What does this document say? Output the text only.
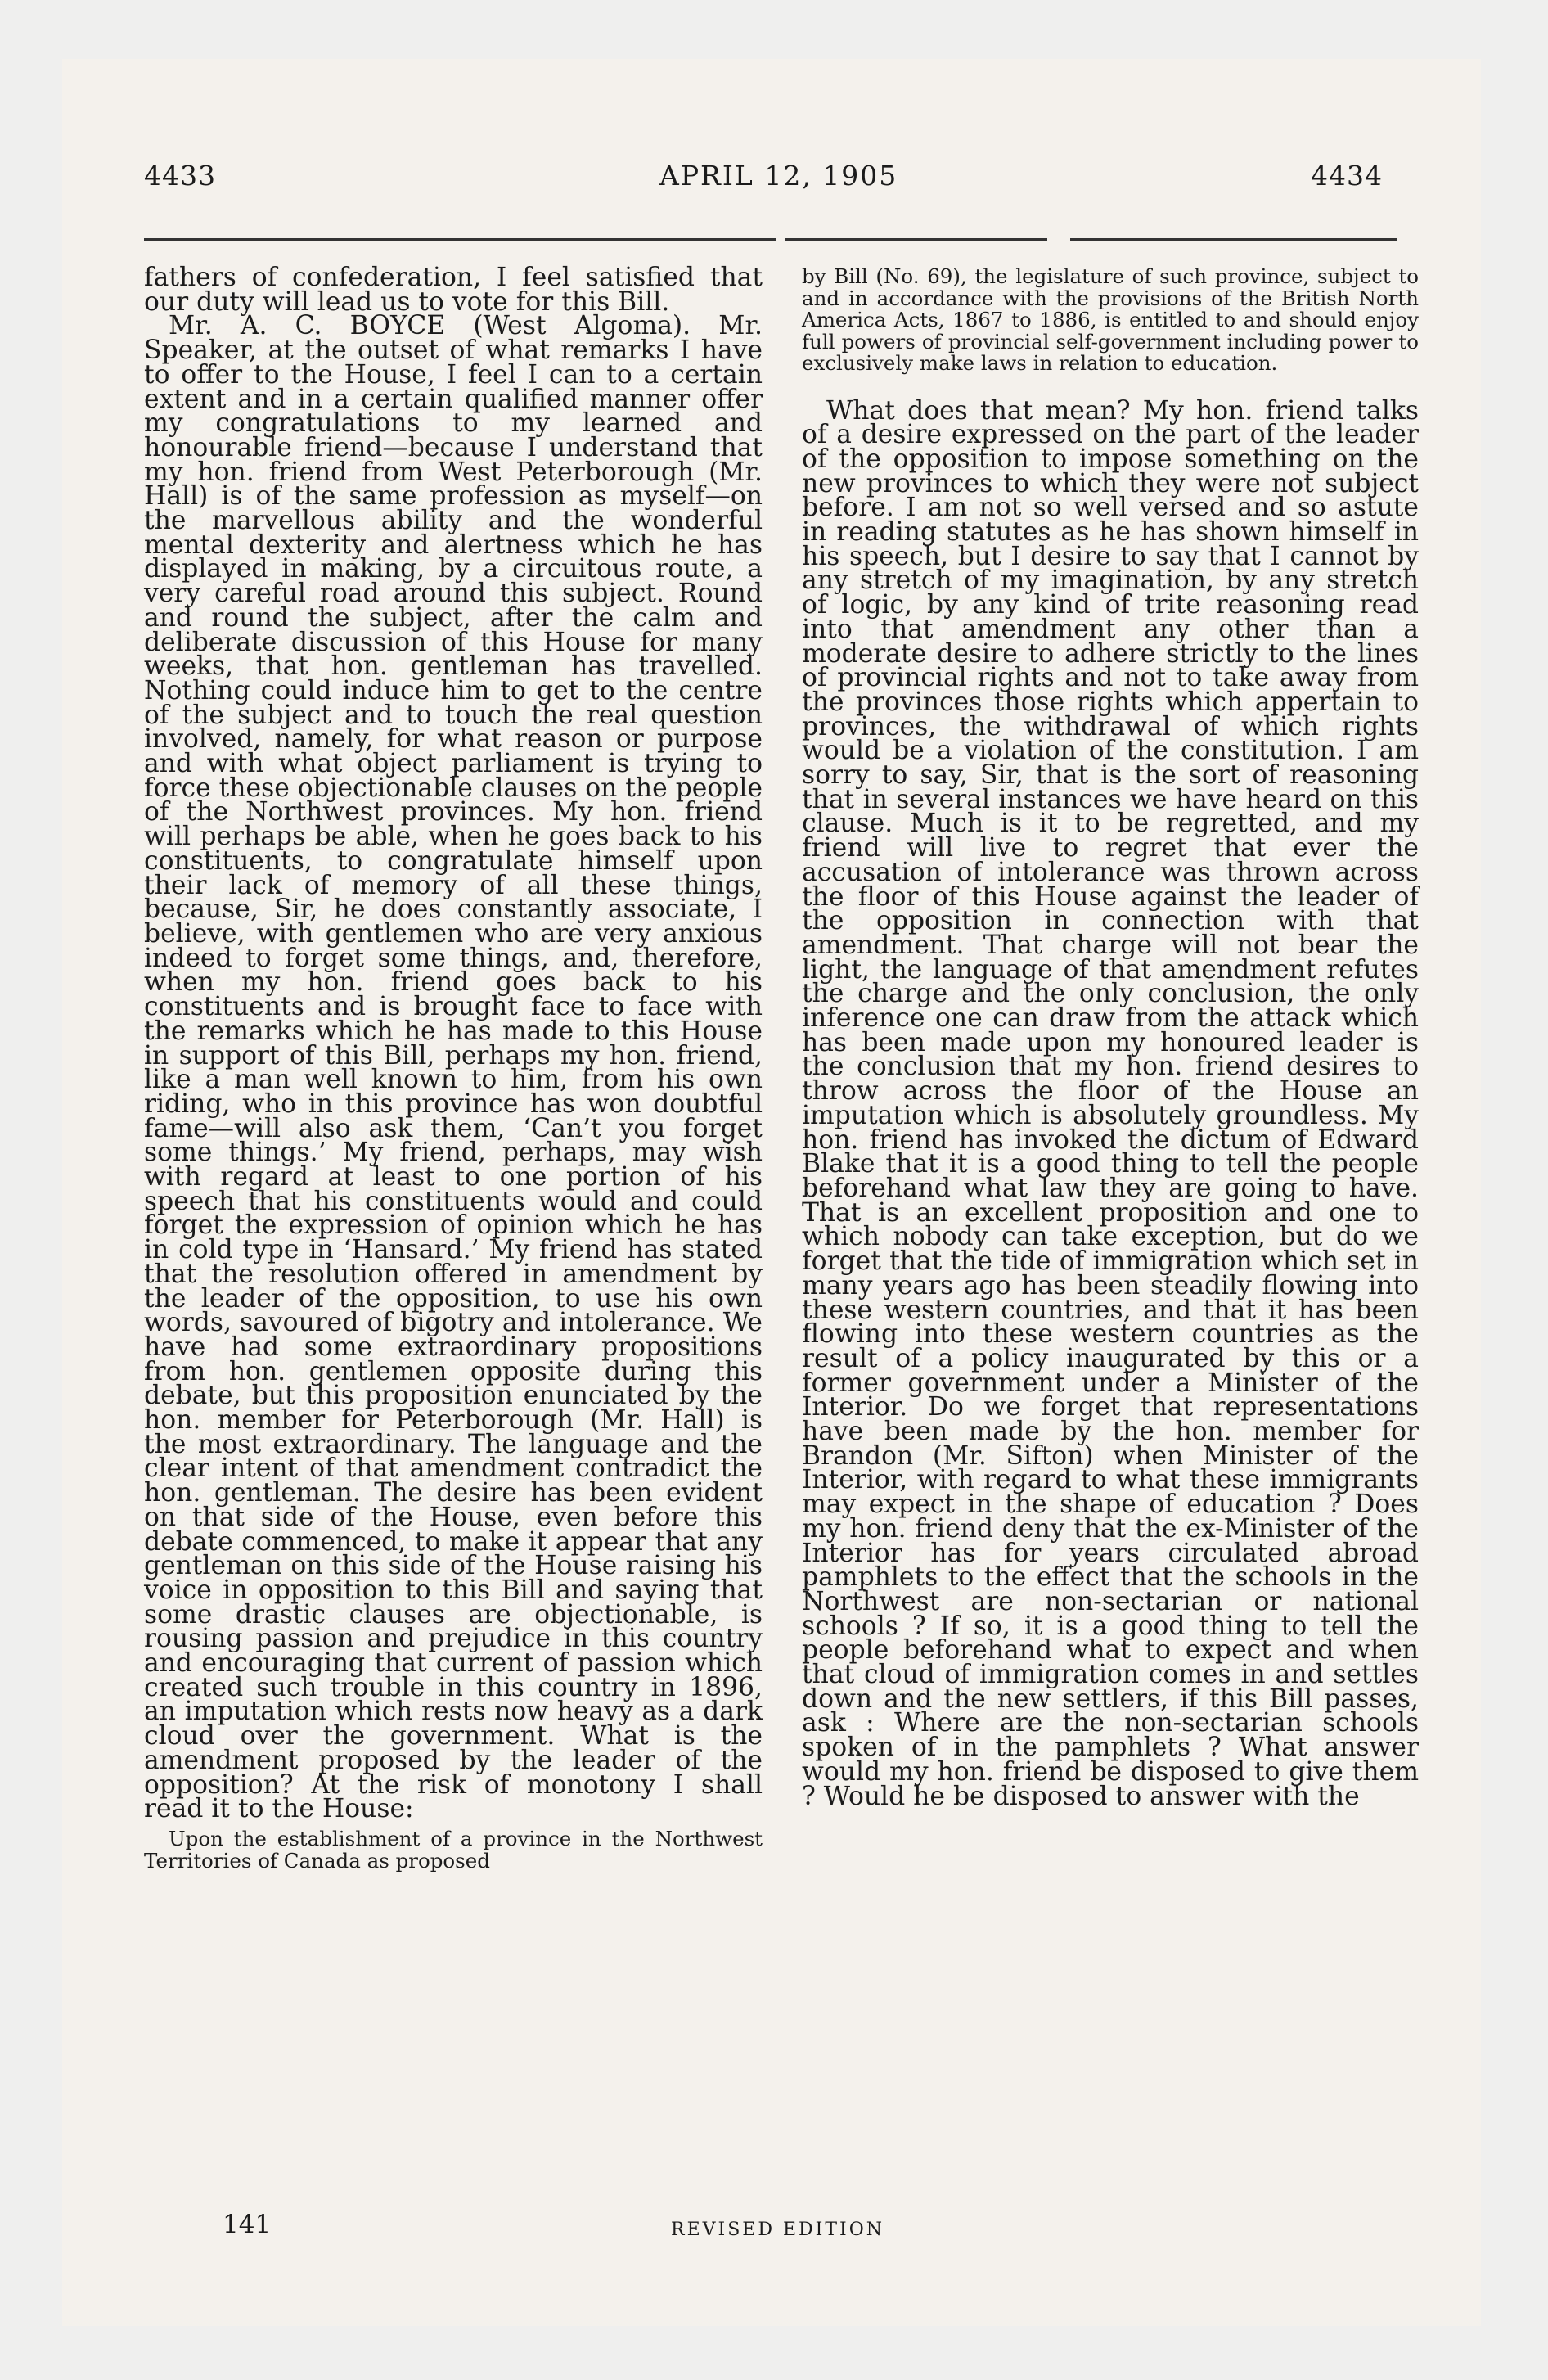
4433	APRIL 12, 1905	4434

fathers of confederation, I feel satisfied that our duty will lead us to vote for this Bill.

Mr. A. C. BOYCE (West Algoma). Mr. Speaker, at the outset of what remarks I have to offer to the House, I feel I can to a certain extent and in a certain qualified manner offer my congratulations to my learned and honourable friend—because I understand that my hon. friend from West Peterborough (Mr. Hall) is of the same profession as myself—on the marvellous ability and the wonderful mental dexterity and alertness which he has displayed in making, by a circuitous route, a very careful road around this subject. Round and round the subject, after the calm and deliberate discussion of this House for many weeks, that hon. gentleman has travelled. Nothing could induce him to get to the centre of the subject and to touch the real question involved, namely, for what reason or purpose and with what object parliament is trying to force these objectionable clauses on the people of the Northwest provinces. My hon. friend will perhaps be able, when he goes back to his constituents, to congratulate himself upon their lack of memory of all these things, because, Sir, he does constantly associate, I believe, with gentlemen who are very anxious indeed to forget some things, and, therefore, when my hon. friend goes back to his constituents and is brought face to face with the remarks which he has made to this House in support of this Bill, perhaps my hon. friend, like a man well known to him, from his own riding, who in this province has won doubtful fame—will also ask them, ‘Can’t you forget some things.’ My friend, perhaps, may wish with regard at least to one portion of his speech that his constituents would and could forget the expression of opinion which he has in cold type in ‘Hansard.’ My friend has stated that the resolution offered in amendment by the leader of the opposition, to use his own words, savoured of bigotry and intolerance. We have had some extraordinary propositions from hon. gentlemen opposite during this debate, but this proposition enunciated by the hon. member for Peterborough (Mr. Hall) is the most extraordinary. The language and the clear intent of that amendment contradict the hon. gentleman. The desire has been evident on that side of the House, even before this debate commenced, to make it appear that any gentleman on this side of the House raising his voice in opposition to this Bill and saying that some drastic clauses are objectionable, is rousing passion and prejudice in this country and encouraging that current of passion which created such trouble in this country in 1896, an imputation which rests now heavy as a dark cloud over the government. What is the amendment proposed by the leader of the opposition? At the risk of monotony I shall read it to the House:

Upon the establishment of a province in the Northwest Territories of Canada as proposed

by Bill (No. 69), the legislature of such province, subject to and in accordance with the provisions of the British North America Acts, 1867 to 1886, is entitled to and should enjoy full powers of provincial self-government including power to exclusively make laws in relation to education.

What does that mean? My hon. friend talks of a desire expressed on the part of the leader of the opposition to impose something on the new provinces to which they were not subject before. I am not so well versed and so astute in reading statutes as he has shown himself in his speech, but I desire to say that I cannot by any stretch of my imagination, by any stretch of logic, by any kind of trite reasoning read into that amendment any other than a moderate desire to adhere strictly to the lines of provincial rights and not to take away from the provinces those rights which appertain to provinces, the withdrawal of which rights would be a violation of the constitution. I am sorry to say, Sir, that is the sort of reasoning that in several instances we have heard on this clause. Much is it to be regretted, and my friend will live to regret that ever the accusation of intolerance was thrown across the floor of this House against the leader of the opposition in connection with that amendment. That charge will not bear the light, the language of that amendment refutes the charge and the only conclusion, the only inference one can draw from the attack which has been made upon my honoured leader is the conclusion that my hon. friend desires to throw across the floor of the House an imputation which is absolutely groundless. My hon. friend has invoked the dictum of Edward Blake that it is a good thing to tell the people beforehand what law they are going to have. That is an excellent proposition and one to which nobody can take exception, but do we forget that the tide of immigration which set in many years ago has been steadily flowing into these western countries, and that it has been flowing into these western countries as the result of a policy inaugurated by this or a former government under a Minister of the Interior. Do we forget that representations have been made by the hon. member for Brandon (Mr. Sifton) when Minister of the Interior, with regard to what these immigrants may expect in the shape of education ? Does my hon. friend deny that the ex-Minister of the Interior has for years circulated abroad pamphlets to the effect that the schools in the Northwest are non-sectarian or national schools ? If so, it is a good thing to tell the people beforehand what to expect and when that cloud of immigration comes in and settles down and the new settlers, if this Bill passes, ask : Where are the non-sectarian schools spoken of in the pamphlets ? What answer would my hon. friend be disposed to give them ? Would he be disposed to answer with the

141	REVISED EDITION
